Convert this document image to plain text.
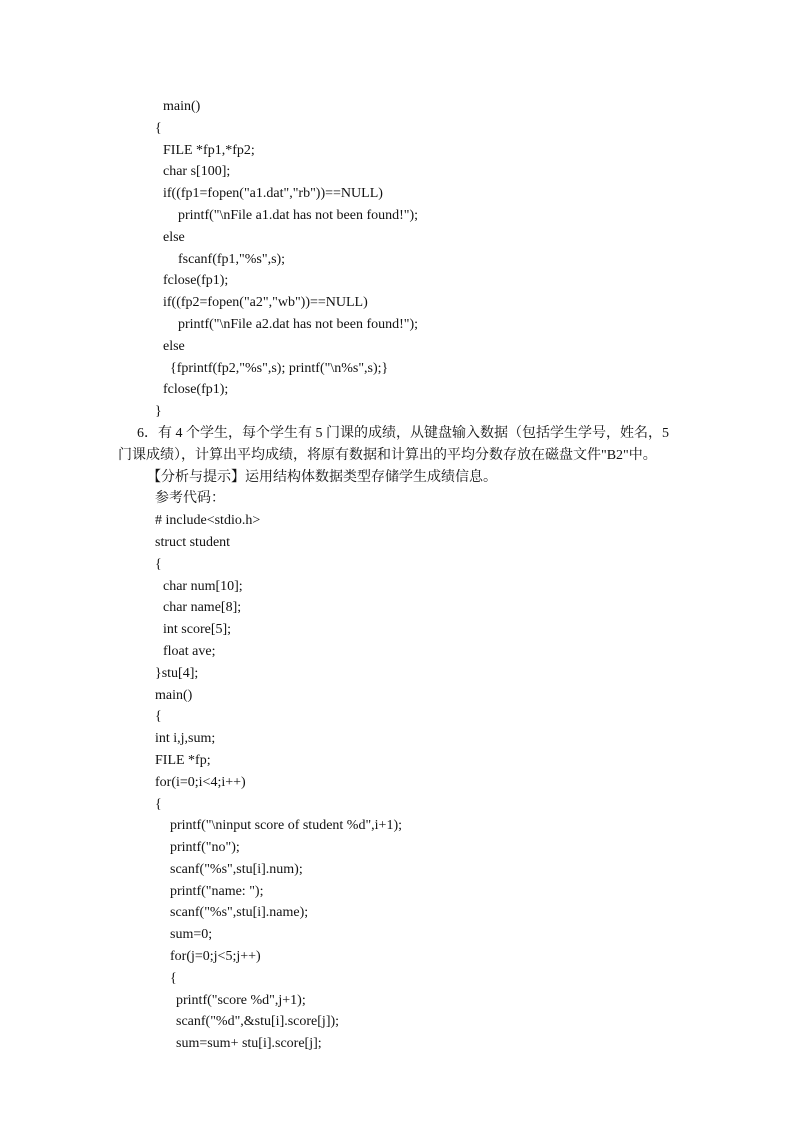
main()
{
FILE *fp1,*fp2;
char s[100];
if((fp1=fopen("a1.dat","rb"))==NULL)
printf("\nFile a1.dat has not been found!");
else
fscanf(fp1,"%s",s);
fclose(fp1);
if((fp2=fopen("a2","wb"))==NULL)
printf("\nFile a2.dat has not been found!");
else
{fprintf(fp2,"%s",s); printf("\n%s",s);}
fclose(fp1);
}
6．有 4 个学生，每个学生有 5 门课的成绩，从键盘输入数据（包括学生学号，姓名，5
门课成绩），计算出平均成绩，将原有数据和计算出的平均分数存放在磁盘文件"B2"中。
【分析与提示】运用结构体数据类型存储学生成绩信息。
参考代码：
# include<stdio.h>
struct student
{
char num[10];
char name[8];
int score[5];
float ave;
}stu[4];
main()
{
int i,j,sum;
FILE *fp;
for(i=0;i<4;i++)
{
printf("\ninput score of student %d",i+1);
printf("no");
scanf("%s",stu[i].num);
printf("name: ");
scanf("%s",stu[i].name);
sum=0;
for(j=0;j<5;j++)
{
printf("score %d",j+1);
scanf("%d",&stu[i].score[j]);
sum=sum+ stu[i].score[j];
